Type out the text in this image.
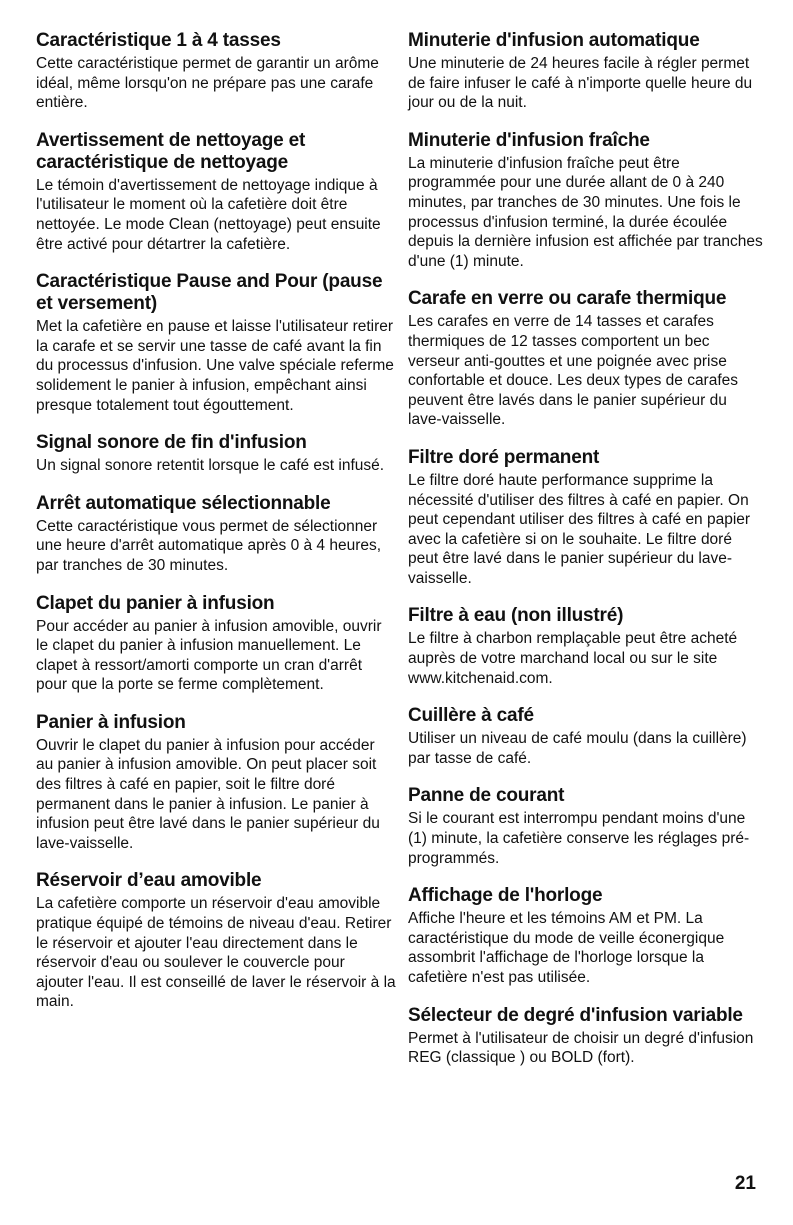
Caractéristique 1 à 4 tasses

Cette caractéristique permet de garantir un arôme idéal, même lorsqu'on ne prépare pas une carafe entière.

Avertissement de nettoyage et caractéristique de nettoyage

Le témoin d'avertissement de nettoyage indique à l'utilisateur le moment où la cafetière doit être nettoyée. Le mode Clean (nettoyage) peut ensuite être activé pour détartrer la cafetière.

Caractéristique Pause and Pour (pause et versement)

Met la cafetière en pause et laisse l'utilisateur retirer la carafe et se servir une tasse de café avant la fin du processus d'infusion. Une valve spéciale referme solidement le panier à infusion, empêchant ainsi presque totalement tout égouttement.

Signal sonore de fin d'infusion

Un signal sonore retentit lorsque le café est infusé.

Arrêt automatique sélectionnable

Cette caractéristique vous permet de sélectionner une heure d'arrêt automatique après 0 à 4 heures, par tranches de 30 minutes.

Clapet du panier à infusion

Pour accéder au panier à infusion amovible, ouvrir le clapet du panier à infusion manuellement. Le clapet à ressort/amorti comporte un cran d'arrêt pour que la porte se ferme complètement.

Panier à infusion

Ouvrir le clapet du panier à infusion pour accéder au panier à infusion amovible. On peut placer soit des filtres à café en papier, soit le filtre doré permanent dans le panier à infusion. Le panier à infusion peut être lavé dans le panier supérieur du lave-vaisselle.

Réservoir d’eau amovible

La cafetière comporte un réservoir d'eau amovible pratique équipé de témoins de niveau d'eau. Retirer le réservoir et ajouter l'eau directement dans le réservoir d'eau ou soulever le couvercle pour ajouter l'eau. Il est conseillé de laver le réservoir à la main.

Minuterie d'infusion automatique

Une minuterie de 24 heures facile à régler permet de faire infuser le café à n'importe quelle heure du jour ou de la nuit.

Minuterie d'infusion fraîche

La minuterie d'infusion fraîche peut être programmée pour une durée allant de 0 à 240 minutes, par tranches de 30 minutes. Une fois le processus d'infusion terminé, la durée écoulée depuis la dernière infusion est affichée par tranches d'une (1) minute.

Carafe en verre ou carafe thermique

Les carafes en verre de 14 tasses et carafes thermiques de 12 tasses comportent un bec verseur anti-gouttes et une poignée avec prise confortable et douce. Les deux types de carafes peuvent être lavés dans le panier supérieur du lave-vaisselle.

Filtre doré permanent

Le filtre doré haute performance supprime la nécessité d'utiliser des filtres à café en papier. On peut cependant utiliser des filtres à café en papier avec la cafetière si on le souhaite. Le filtre doré peut être lavé dans le panier supérieur du lave-vaisselle.

Filtre à eau (non illustré)

Le filtre à charbon remplaçable peut être acheté auprès de votre marchand local ou sur le site www.kitchenaid.com.

Cuillère à café

Utiliser un niveau de café moulu (dans la cuillère) par tasse de café.

Panne de courant

Si le courant est interrompu pendant moins d'une (1) minute, la cafetière conserve les réglages pré-programmés.

Affichage de l'horloge

Affiche l'heure et les témoins AM et PM. La caractéristique du mode de veille éconergique assombrit l'affichage de l'horloge lorsque la cafetière n'est pas utilisée.

Sélecteur de degré d'infusion variable

Permet à l'utilisateur de choisir un degré d'infusion REG (classique ) ou BOLD (fort).

21
